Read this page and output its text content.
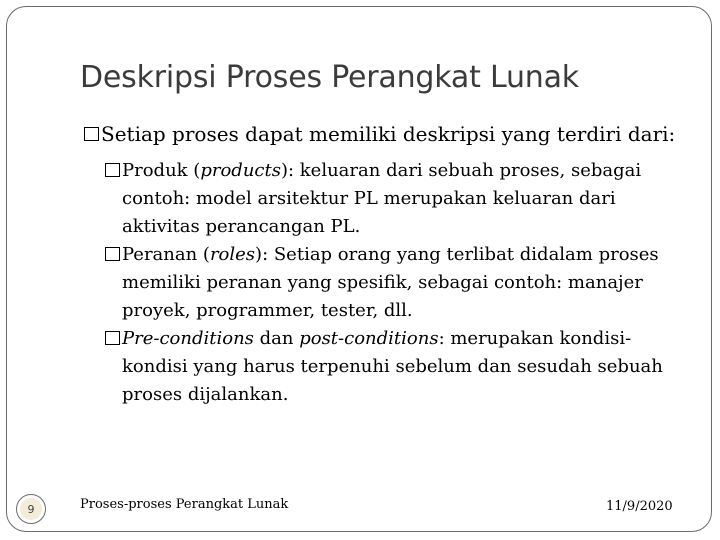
Deskripsi Proses Perangkat Lunak
Setiap proses dapat memiliki deskripsi yang terdiri dari:
Produk (products): keluaran dari sebuah proses, sebagai contoh: model arsitektur PL merupakan keluaran dari aktivitas perancangan PL.
Peranan (roles): Setiap orang yang terlibat didalam proses memiliki peranan yang spesifik, sebagai contoh: manajer proyek, programmer, tester, dll.
Pre-conditions dan post-conditions: merupakan kondisi-kondisi yang harus terpenuhi sebelum dan sesudah sebuah proses dijalankan.
9	Proses-proses Perangkat Lunak	11/9/2020
